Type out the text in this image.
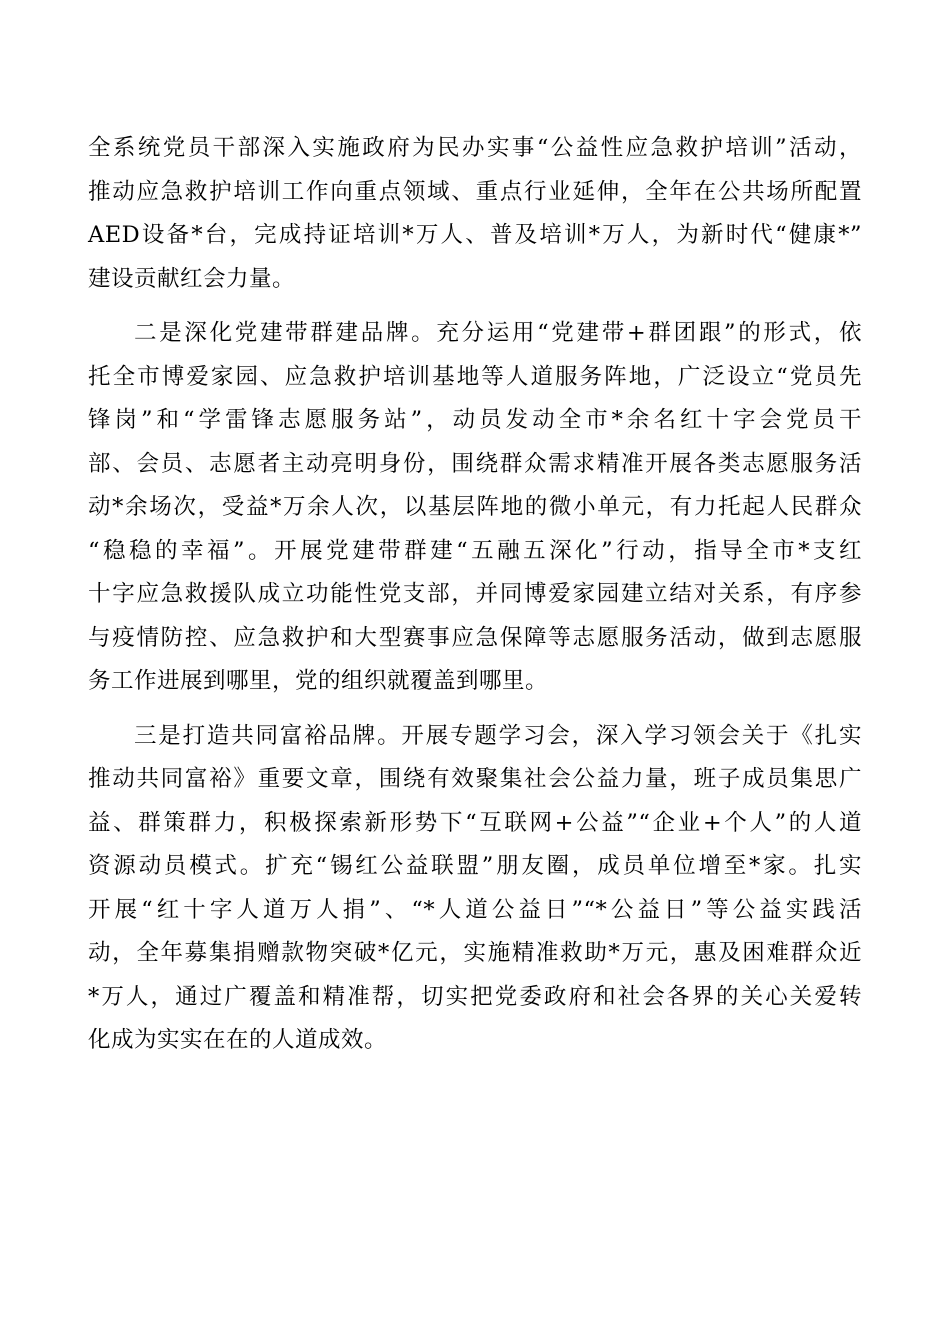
全系统党员干部深入实施政府为民办实事“公益性应急救护培训”活动，
推动应急救护培训工作向重点领域、重点行业延伸，全年在公共场所配置
AED设备*台，完成持证培训*万人、普及培训*万人，为新时代“健康*”
建设贡献红会力量。
二是深化党建带群建品牌。充分运用“党建带+群团跟”的形式，依
托全市博爱家园、应急救护培训基地等人道服务阵地，广泛设立“党员先
锋岗”和“学雷锋志愿服务站”，动员发动全市*余名红十字会党员干
部、会员、志愿者主动亮明身份，围绕群众需求精准开展各类志愿服务活
动*余场次，受益*万余人次，以基层阵地的微小单元，有力托起人民群众
“稳稳的幸福”。开展党建带群建“五融五深化”行动，指导全市*支红
十字应急救援队成立功能性党支部，并同博爱家园建立结对关系，有序参
与疫情防控、应急救护和大型赛事应急保障等志愿服务活动，做到志愿服
务工作进展到哪里，党的组织就覆盖到哪里。
三是打造共同富裕品牌。开展专题学习会，深入学习领会关于《扎实
推动共同富裕》重要文章，围绕有效聚集社会公益力量，班子成员集思广
益、群策群力，积极探索新形势下“互联网+公益”“企业+个人”的人道
资源动员模式。扩充“锡红公益联盟”朋友圈，成员单位增至*家。扎实
开展“红十字人道万人捐”、“*人道公益日”“*公益日”等公益实践活
动，全年募集捐赠款物突破*亿元，实施精准救助*万元，惠及困难群众近
*万人，通过广覆盖和精准帮，切实把党委政府和社会各界的关心关爱转
化成为实实在在的人道成效。
